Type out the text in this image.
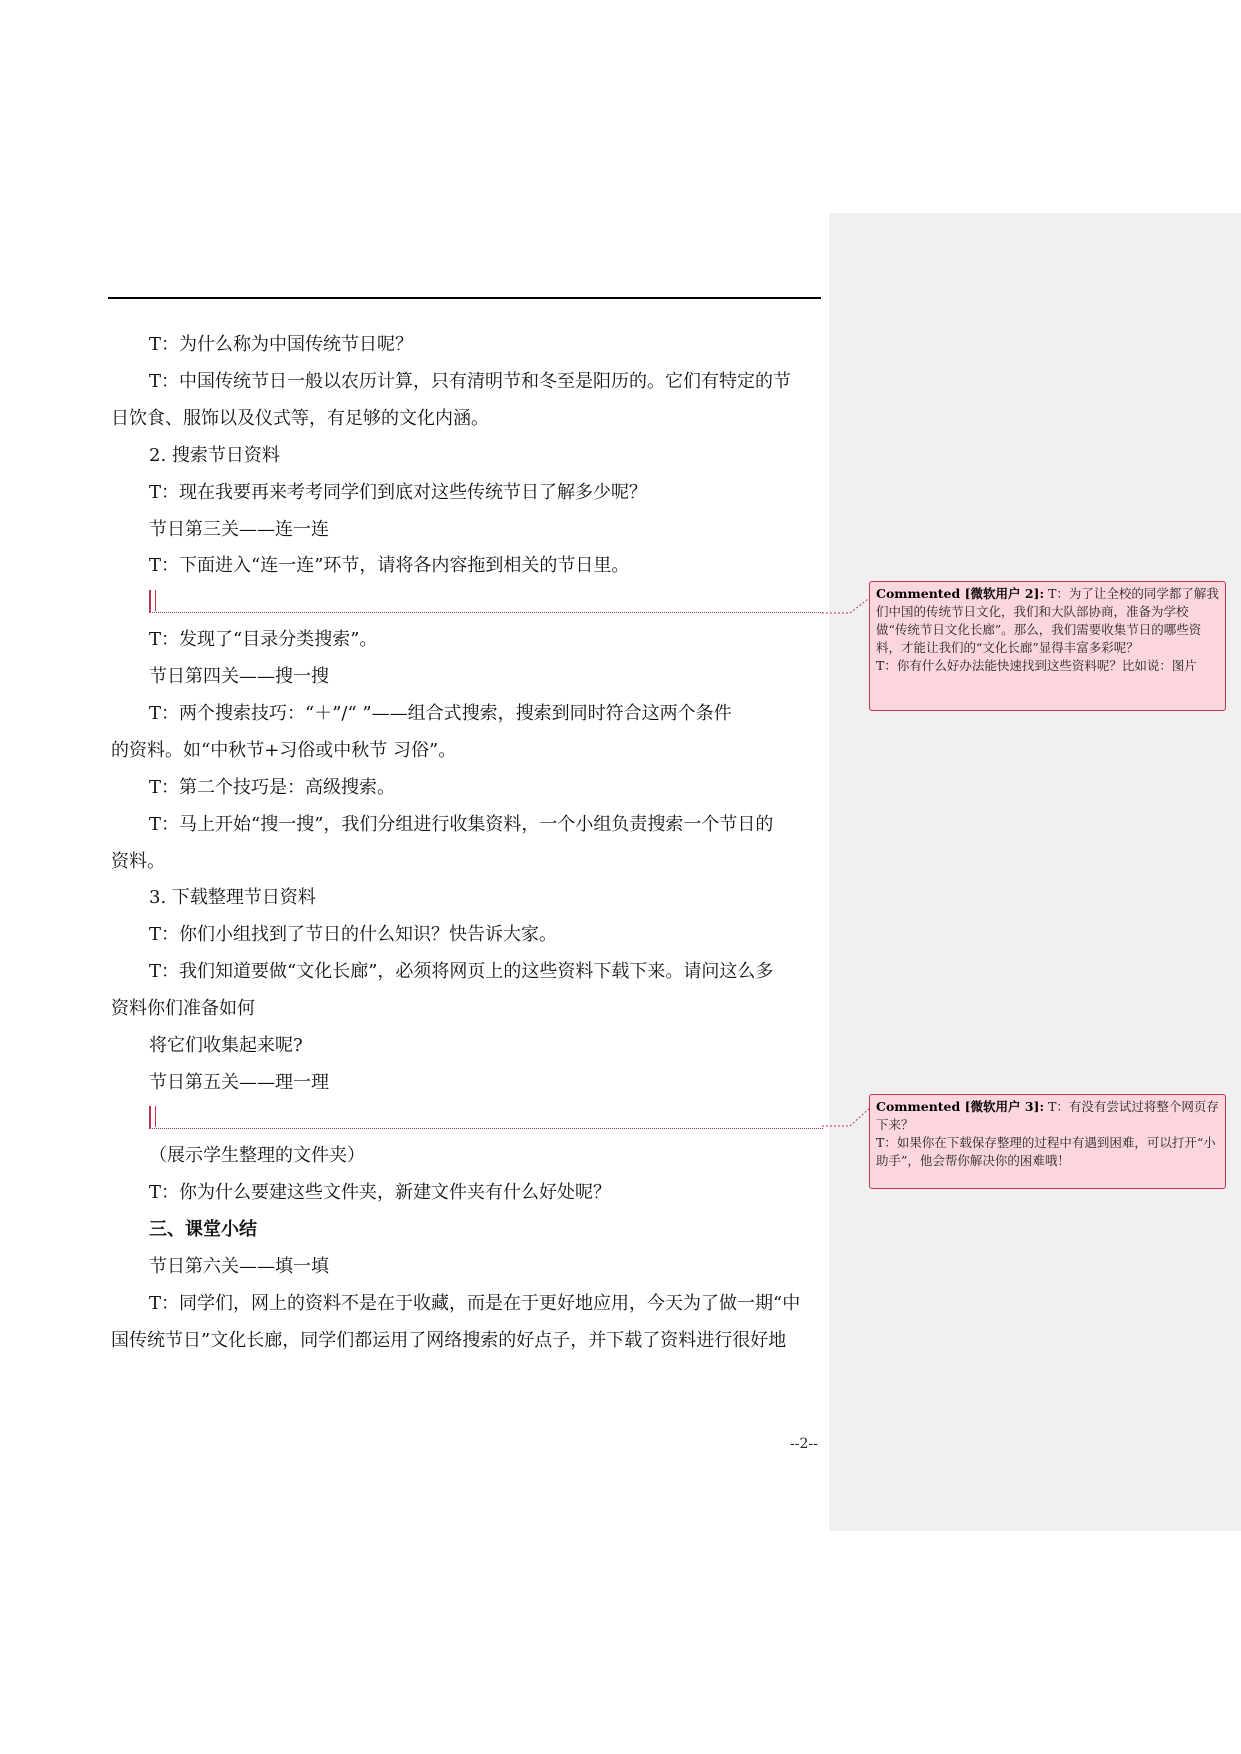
T：为什么称为中国传统节日呢？
T：中国传统节日一般以农历计算，只有清明节和冬至是阳历的。它们有特定的节
日饮食、服饰以及仪式等，有足够的文化内涵。
2. 搜索节日资料
T：现在我要再来考考同学们到底对这些传统节日了解多少呢？
节日第三关——连一连
T：下面进入“连一连”环节，请将各内容拖到相关的节日里。
T：发现了“目录分类搜索”。
节日第四关——搜一搜
T：两个搜索技巧：“＋”/“ ”——组合式搜索，搜索到同时符合这两个条件
的资料。如“中秋节+习俗或中秋节 习俗”。
T：第二个技巧是：高级搜索。
T：马上开始“搜一搜”，我们分组进行收集资料，一个小组负责搜索一个节日的
资料。
3. 下载整理节日资料
T：你们小组找到了节日的什么知识？快告诉大家。
T：我们知道要做“文化长廊”，必须将网页上的这些资料下载下来。请问这么多
资料你们准备如何
将它们收集起来呢?
节日第五关——理一理
（展示学生整理的文件夹）
T：你为什么要建这些文件夹，新建文件夹有什么好处呢？
三、课堂小结
节日第六关——填一填
T：同学们，网上的资料不是在于收藏，而是在于更好地应用，今天为了做一期“中
国传统节日”文化长廊，同学们都运用了网络搜索的好点子，并下载了资料进行很好地
Commented [微软用户 2]: T：为了让全校的同学都了解我们中国的传统节日文化，我们和大队部协商，准备为学校做“传统节日文化长廊”。那么，我们需要收集节日的哪些资料，才能让我们的“文化长廊”显得丰富多彩呢？
T：你有什么好办法能快速找到这些资料呢？比如说：图片
Commented [微软用户 3]: T：有没有尝试过将整个网页存下来？
T：如果你在下载保存整理的过程中有遇到困难，可以打开“小助手”，他会帮你解决你的困难哦！
--2--
